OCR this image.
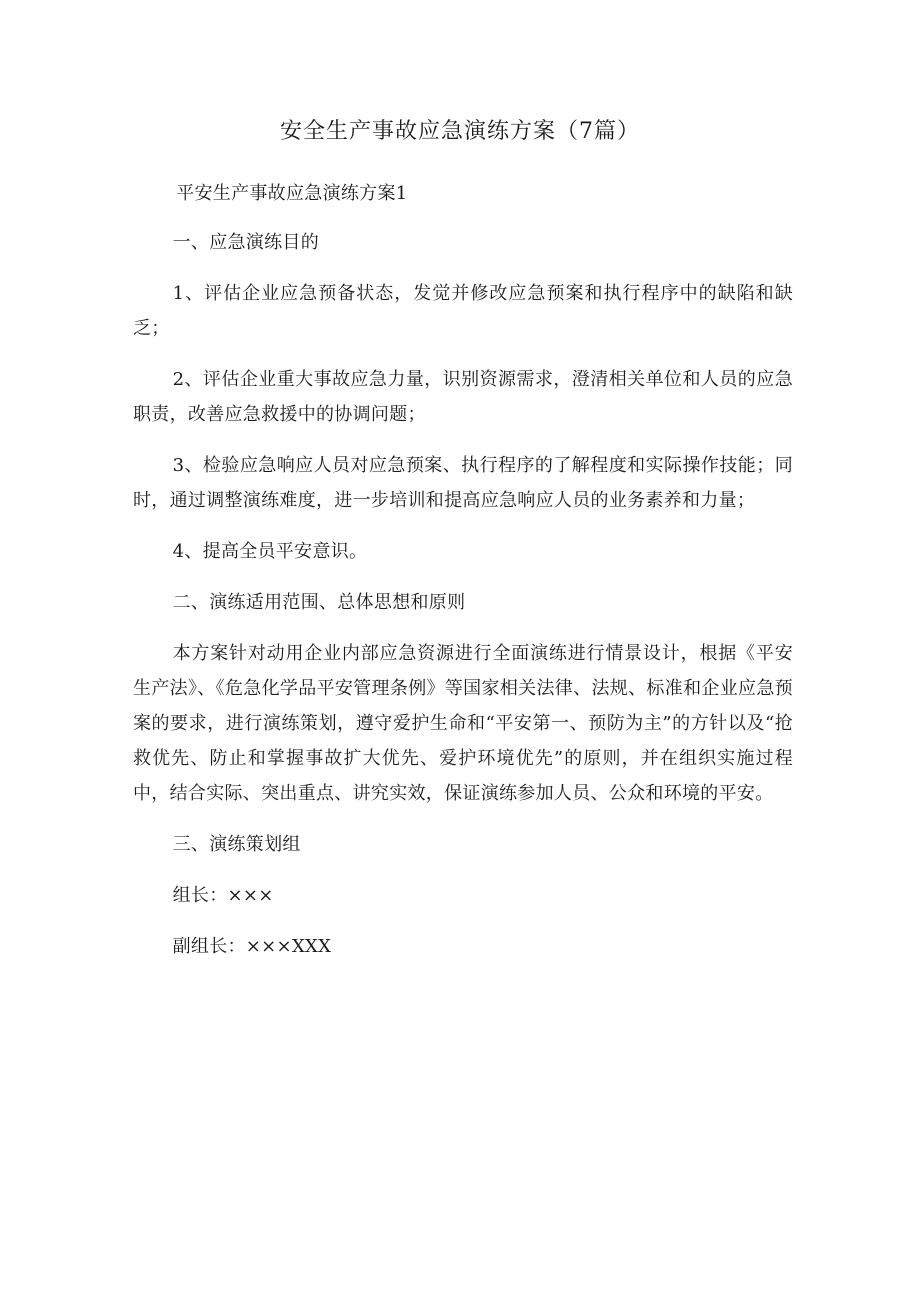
安全生产事故应急演练方案（7篇）

平安生产事故应急演练方案1

一、应急演练目的

1、评估企业应急预备状态，发觉并修改应急预案和执行程序中的缺陷和缺乏；

2、评估企业重大事故应急力量，识别资源需求，澄清相关单位和人员的应急职责，改善应急救援中的协调问题；

3、检验应急响应人员对应急预案、执行程序的了解程度和实际操作技能；同时，通过调整演练难度，进一步培训和提高应急响应人员的业务素养和力量；

4、提高全员平安意识。

二、演练适用范围、总体思想和原则

本方案针对动用企业内部应急资源进行全面演练进行情景设计，根据《平安生产法》、《危急化学品平安管理条例》等国家相关法律、法规、标准和企业应急预案的要求，进行演练策划，遵守爱护生命和“平安第一、预防为主”的方针以及“抢救优先、防止和掌握事故扩大优先、爱护环境优先”的原则，并在组织实施过程中，结合实际、突出重点、讲究实效，保证演练参加人员、公众和环境的平安。

三、演练策划组

组长：×××

副组长：×××XXX
